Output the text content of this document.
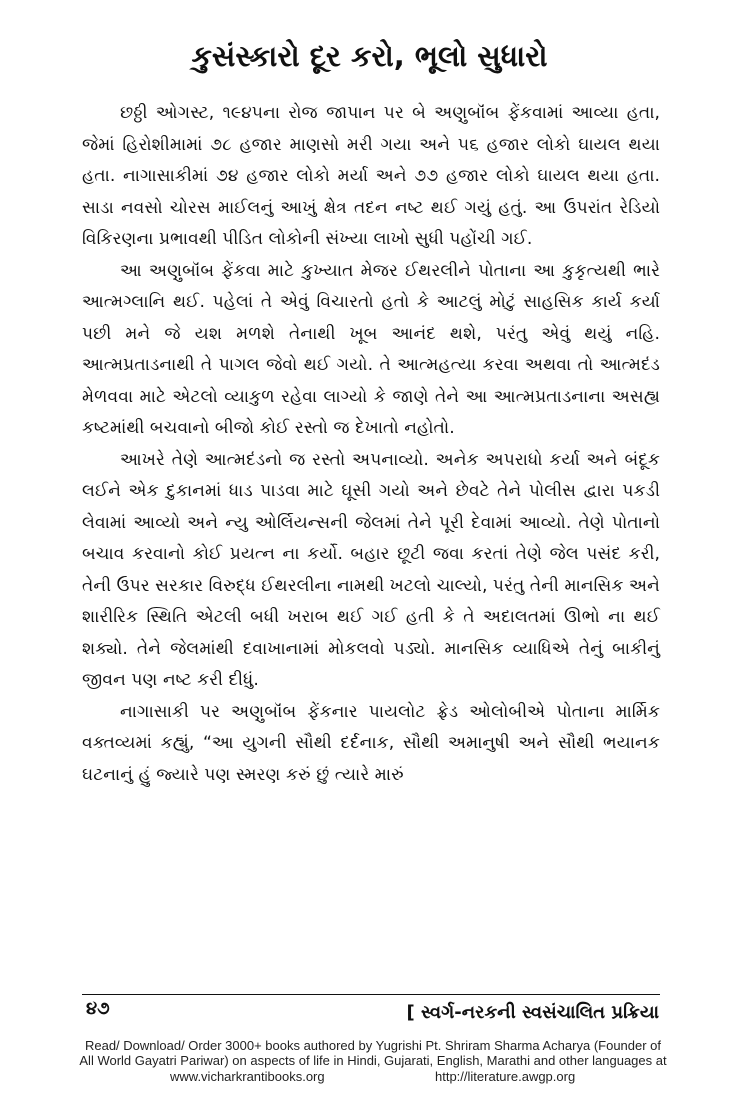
કુસંસ્કારો દૂર કરો, ભૂલો સુધારો

છઠ્ઠી ઓગસ્ટ, ૧૯૪૫ના રોજ જાપાન પર બે અણુબૉંબ ફેંકવામાં આવ્યા હતા, જેમાં હિરોશીમામાં ૭૮ હજાર માણસો મરી ગયા અને ૫૬ હજાર લોકો ઘાયલ થયા હતા. નાગાસાકીમાં ૭૪ હજાર લોકો મર્યા અને ૭૭ હજાર લોકો ઘાયલ થયા હતા. સાડા નવસો ચોરસ માઈલનું આખું ક્ષેત્ર તદન નષ્ટ થઈ ગયું હતું. આ ઉપરાંત રેડિયો વિકિરણના પ્રભાવથી પીડિત લોકોની સંખ્યા લાખો સુધી પહોંચી ગઈ.

આ અણુબૉંબ ફેંકવા માટે કુખ્યાત મેજર ઈથરલીને પોતાના આ કુકૃત્યથી ભારે આત્મગ્લાનિ થઈ. પહેલાં તે એવું વિચારતો હતો કે આટલું મોટું સાહસિક કાર્ય કર્યા પછી મને જે યશ મળશે તેનાથી ખૂબ આનંદ થશે, પરંતુ એવું થયું નહિ. આત્મપ્રતાડનાથી તે પાગલ જેવો થઈ ગયો. તે આત્મહત્યા કરવા અથવા તો આત્મદંડ મેળવવા માટે એટલો વ્યાકુળ રહેવા લાગ્યો કે જાણે તેને આ આત્મપ્રતાડનાના અસહ્ય કષ્ટમાંથી બચવાનો બીજો કોઈ રસ્તો જ દેખાતો નહોતો.

આખરે તેણે આત્મદંડનો જ રસ્તો અપનાવ્યો. અનેક અપરાધો કર્યા અને બંદૂક લઈને એક દુકાનમાં ધાડ પાડવા માટે ઘૂસી ગયો અને છેવટે તેને પોલીસ દ્વારા પકડી લેવામાં આવ્યો અને ન્યુ ઓર્લિયન્સની જેલમાં તેને પૂરી દેવામાં આવ્યો. તેણે પોતાનો બચાવ કરવાનો કોઈ પ્રયત્ન ના કર્યો. બહાર છૂટી જવા કરતાં તેણે જેલ પસંદ કરી, તેની ઉપર સરકાર વિરુદ્ધ ઈથરલીના નામથી ખટલો ચાલ્યો, પરંતુ તેની માનસિક અને શારીરિક સ્થિતિ એટલી બધી ખરાબ થઈ ગઈ હતી કે તે અદાલતમાં ઊભો ના થઈ શક્યો. તેને જેલમાંથી દવાખાનામાં મોકલવો પડ્યો. માનસિક વ્યાધિએ તેનું બાકીનું જીવન પણ નષ્ટ કરી દીધું.

નાગાસાકી પર અણુબૉંબ ફેંકનાર પાયલોટ ફ્રેડ ઓલોબીએ પોતાના માર્મિક વક્તવ્યમાં કહ્યું, “આ યુગની સૌથી દર્દનાક, સૌથી અમાનુષી અને સૌથી ભયાનક ઘટનાનું હું જ્યારે પણ સ્મરણ કરું છું ત્યારે મારું

૪૭	[ સ્વર્ગ-નરકની સ્વસંચાલિત પ્રક્રિયા
Read/ Download/ Order 3000+ books authored by Yugrishi Pt. Shriram Sharma Acharya (Founder of All World Gayatri Pariwar) on aspects of life in Hindi, Gujarati, English, Marathi and other languages at
www.vicharkrantibooks.org	http://literature.awgp.org
